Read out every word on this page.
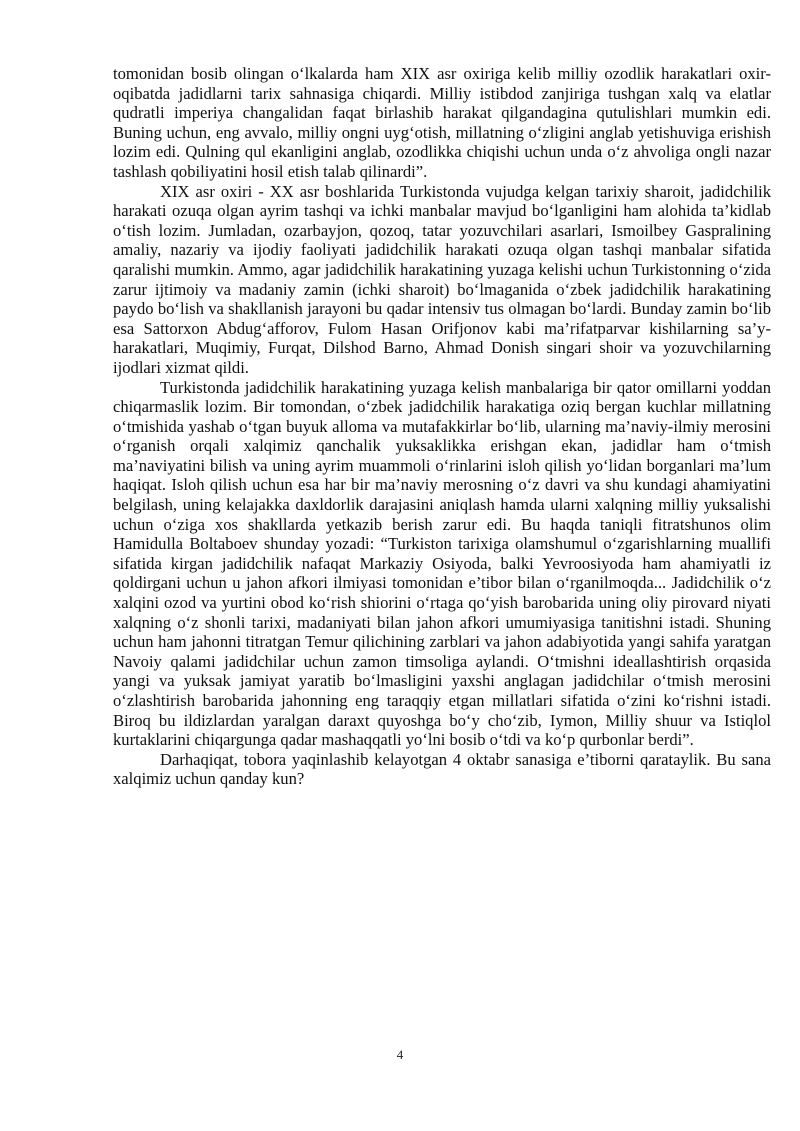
tomonidan bosib olingan o‘lkalarda ham XIX asr oxiriga kelib milliy ozodlik harakatlari oxir-oqibatda jadidlarni tarix sahnasiga chiqardi. Milliy istibdod zanjiriga tushgan xalq va elatlar qudratli imperiya changalidan faqat birlashib harakat qilgandagina qutulishlari mumkin edi. Buning uchun, eng avvalo, milliy ongni uyg‘otish, millatning o‘zligini anglab yetishuviga erishish lozim edi. Qulning qul ekanligini anglab, ozodlikka chiqishi uchun unda o‘z ahvoliga ongli nazar tashlash qobiliyatini hosil etish talab qilinardi”.

XIX asr oxiri - XX asr boshlarida Turkistonda vujudga kelgan tarixiy sharoit, jadidchilik harakati ozuqa olgan ayrim tashqi va ichki manbalar mavjud bo‘lganligini ham alohida ta’kidlab o‘tish lozim. Jumladan, ozarbayjon, qozoq, tatar yozuvchilari asarlari, Ismoilbey Gaspralining amaliy, nazariy va ijodiy faoliyati jadidchilik harakati ozuqa olgan tashqi manbalar sifatida qaralishi mumkin. Ammo, agar jadidchilik harakatining yuzaga kelishi uchun Turkistonning o‘zida zarur ijtimoiy va madaniy zamin (ichki sharoit) bo‘lmaganida o‘zbek jadidchilik harakatining paydo bo‘lish va shakllanish jarayoni bu qadar intensiv tus olmagan bo‘lardi. Bunday zamin bo‘lib esa Sattorxon Abdug‘afforov, Fulom Hasan Orifjonov kabi ma’rifatparvar kishilarning sa’y-harakatlari, Muqimiy, Furqat, Dilshod Barno, Ahmad Donish singari shoir va yozuvchilarning ijodlari xizmat qildi.

Turkistonda jadidchilik harakatining yuzaga kelish manbalariga bir qator omillarni yoddan chiqarmaslik lozim. Bir tomondan, o‘zbek jadidchilik harakatiga oziq bergan kuchlar millatning o‘tmishida yashab o‘tgan buyuk alloma va mutafakkirlar bo‘lib, ularning ma’naviy-ilmiy merosini o‘rganish orqali xalqimiz qanchalik yuksaklikka erishgan ekan, jadidlar ham o‘tmish ma’naviyatini bilish va uning ayrim muammoli o‘rinlarini isloh qilish yo‘lidan borganlari ma’lum haqiqat. Isloh qilish uchun esa har bir ma’naviy merosning o‘z davri va shu kundagi ahamiyatini belgilash, uning kelajakka daxldorlik darajasini aniqlash hamda ularni xalqning milliy yuksalishi uchun o‘ziga xos shakllarda yetkazib berish zarur edi. Bu haqda taniqli fitratshunos olim Hamidulla Boltaboev shunday yozadi: “Turkiston tarixiga olamshumul o‘zgarishlarning muallifi sifatida kirgan jadidchilik nafaqat Markaziy Osiyoda, balki Yevroosiyoda ham ahamiyatli iz qoldirgani uchun u jahon afkori ilmiyasi tomonidan e’tibor bilan o‘rganilmoqda... Jadidchilik o‘z xalqini ozod va yurtini obod ko‘rish shiorini o‘rtaga qo‘yish barobarida uning oliy pirovard niyati xalqning o‘z shonli tarixi, madaniyati bilan jahon afkori umumiyasiga tanitishni istadi. Shuning uchun ham jahonni titratgan Temur qilichining zarblari va jahon adabiyotida yangi sahifa yaratgan Navoiy qalami jadidchilar uchun zamon timsoliga aylandi. O‘tmishni ideallashtirish orqasida yangi va yuksak jamiyat yaratib bo‘lmasligini yaxshi anglagan jadidchilar o‘tmish merosini o‘zlashtirish barobarida jahonning eng taraqqiy etgan millatlari sifatida o‘zini ko‘rishni istadi. Biroq bu ildizlardan yaralgan daraxt quyoshga bo‘y cho‘zib, Iymon, Milliy shuur va Istiqlol kurtaklarini chiqargunga qadar mashaqqatli yo‘lni bosib o‘tdi va ko‘p qurbonlar berdi”.

Darhaqiqat, tobora yaqinlashib kelayotgan 4 oktabr sanasiga e’tiborni qarataylik. Bu sana xalqimiz uchun qanday kun?

4
